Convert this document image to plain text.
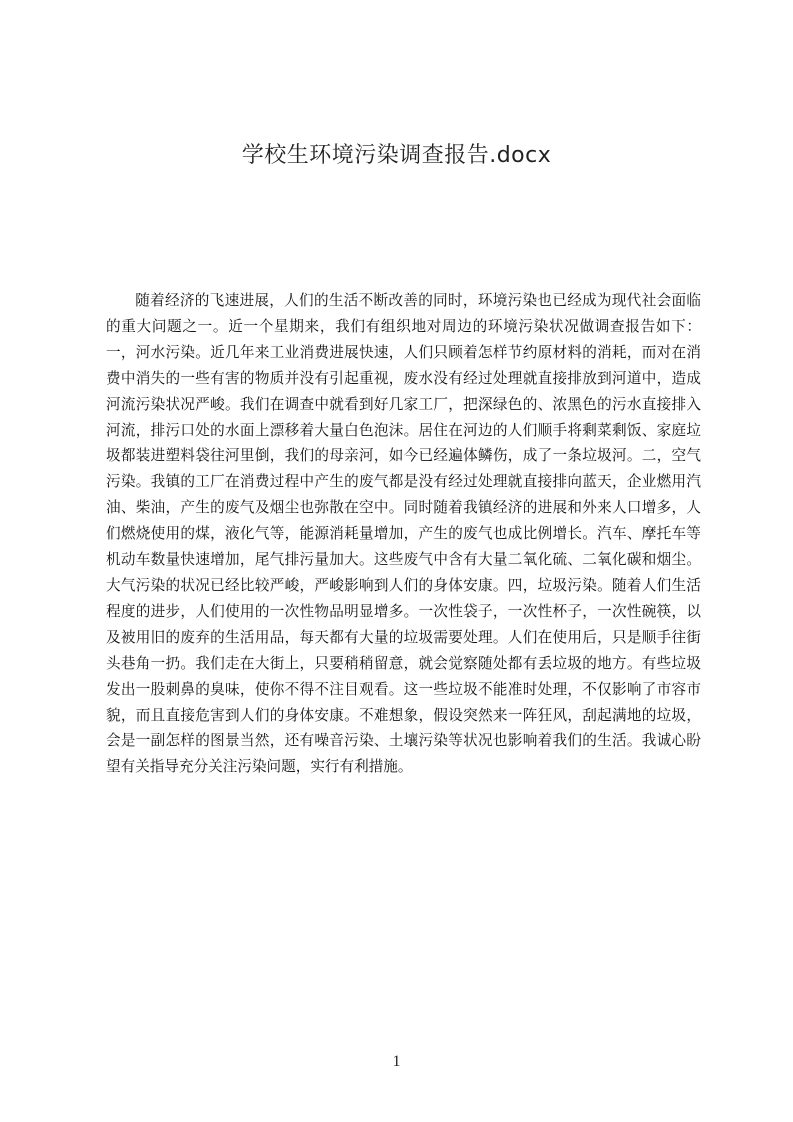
学校生环境污染调查报告.docx

随着经济的飞速进展，人们的生活不断改善的同时，环境污染也已经成为现代社会面临的重大问题之一。近一个星期来，我们有组织地对周边的环境污染状况做调查报告如下：一，河水污染。近几年来工业消费进展快速，人们只顾着怎样节约原材料的消耗，而对在消费中消失的一些有害的物质并没有引起重视，废水没有经过处理就直接排放到河道中，造成河流污染状况严峻。我们在调查中就看到好几家工厂，把深绿色的、浓黑色的污水直接排入河流，排污口处的水面上漂移着大量白色泡沫。居住在河边的人们顺手将剩菜剩饭、家庭垃圾都装进塑料袋往河里倒，我们的母亲河，如今已经遍体鳞伤，成了一条垃圾河。二，空气污染。我镇的工厂在消费过程中产生的废气都是没有经过处理就直接排向蓝天，企业燃用汽油、柴油，产生的废气及烟尘也弥散在空中。同时随着我镇经济的进展和外来人口增多，人们燃烧使用的煤，液化气等，能源消耗量增加，产生的废气也成比例增长。汽车、摩托车等机动车数量快速增加，尾气排污量加大。这些废气中含有大量二氧化硫、二氧化碳和烟尘。大气污染的状况已经比较严峻，严峻影响到人们的身体安康。四，垃圾污染。随着人们生活程度的进步，人们使用的一次性物品明显增多。一次性袋子，一次性杯子，一次性碗筷，以及被用旧的废弃的生活用品，每天都有大量的垃圾需要处理。人们在使用后，只是顺手往街头巷角一扔。我们走在大街上，只要稍稍留意，就会觉察随处都有丢垃圾的地方。有些垃圾发出一股刺鼻的臭味，使你不得不注目观看。这一些垃圾不能准时处理，不仅影响了市容市貌，而且直接危害到人们的身体安康。不难想象，假设突然来一阵狂风，刮起满地的垃圾，会是一副怎样的图景当然，还有噪音污染、土壤污染等状况也影响着我们的生活。我诚心盼望有关指导充分关注污染问题，实行有利措施。

1
